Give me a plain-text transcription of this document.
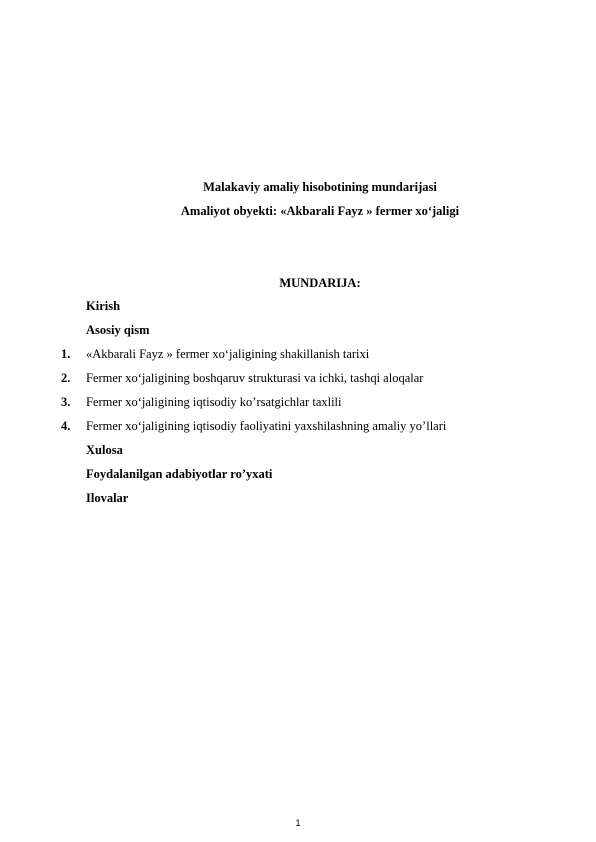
Malakaviy amaliy hisobotining mundarijasi
Amaliyot obyekti: «Akbarali Fayz » fermer xo‘jaligi
MUNDARIJA:
Kirish
Asosiy qism
1.	«Akbarali Fayz » fermer xo‘jaligining shakillanish tarixi
2.	Fermer xo‘jaligining boshqaruv strukturasi va ichki, tashqi aloqalar
3.	Fermer xo‘jaligining iqtisodiy ko’rsatgichlar taxlili
4.	Fermer xo‘jaligining iqtisodiy faoliyatini yaxshilashning amaliy yo’llari
Xulosa
Foydalanilgan adabiyotlar ro’yxati
Ilovalar
1
